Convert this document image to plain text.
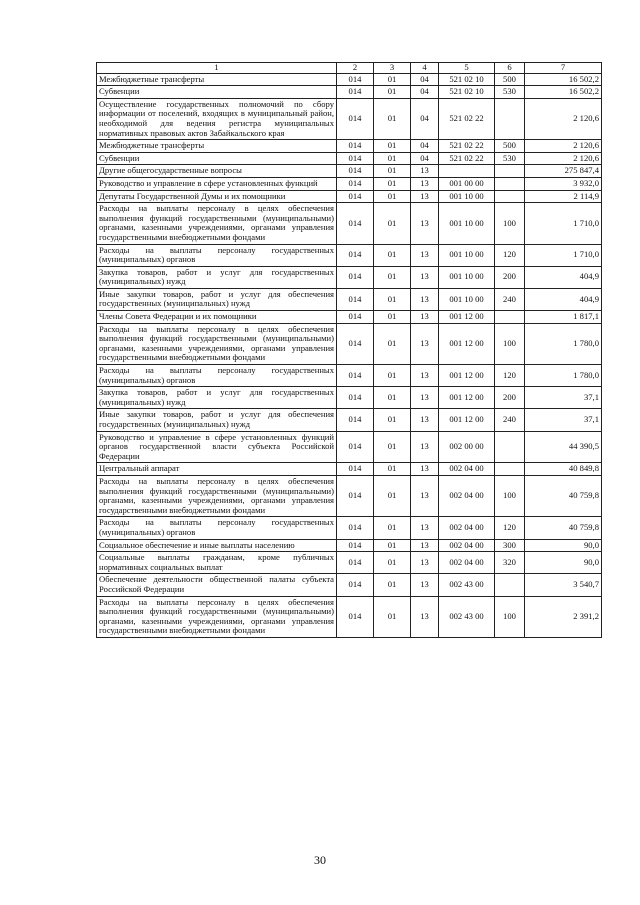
1	2	3	4	5	6	7
Межбюджетные трансферты	014	01	04	521 02 10	500	16 502,2
Субвенции	014	01	04	521 02 10	530	16 502,2
Осуществление государственных полномочий по сбору информации от поселений, входящих в муниципальный район, необходимой для ведения регистра муниципальных нормативных правовых актов Забайкальского края	014	01	04	521 02 22		2 120,6
Межбюджетные трансферты	014	01	04	521 02 22	500	2 120,6
Субвенции	014	01	04	521 02 22	530	2 120,6
Другие общегосударственные вопросы	014	01	13			275 847,4
Руководство и управление в сфере установленных функций	014	01	13	001 00 00		3 932,0
Депутаты Государственной Думы и их помощники	014	01	13	001 10 00		2 114,9
Расходы на выплаты персоналу в целях обеспечения выполнения функций государственными (муниципальными) органами, казенными учреждениями, органами управления государственными внебюджетными фондами	014	01	13	001 10 00	100	1 710,0
Расходы на выплаты персоналу государственных (муниципальных) органов	014	01	13	001 10 00	120	1 710,0
Закупка товаров, работ и услуг для государственных (муниципальных) нужд	014	01	13	001 10 00	200	404,9
Иные закупки товаров, работ и услуг для обеспечения государственных (муниципальных) нужд	014	01	13	001 10 00	240	404,9
Члены Совета Федерации и их помощники	014	01	13	001 12 00		1 817,1
Расходы на выплаты персоналу в целях обеспечения выполнения функций государственными (муниципальными) органами, казенными учреждениями, органами управления государственными внебюджетными фондами	014	01	13	001 12 00	100	1 780,0
Расходы на выплаты персоналу государственных (муниципальных) органов	014	01	13	001 12 00	120	1 780,0
Закупка товаров, работ и услуг для государственных (муниципальных) нужд	014	01	13	001 12 00	200	37,1
Иные закупки товаров, работ и услуг для обеспечения государственных (муниципальных) нужд	014	01	13	001 12 00	240	37,1
Руководство и управление в сфере установленных функций органов государственной власти субъекта Российской Федерации	014	01	13	002 00 00		44 390,5
Центральный аппарат	014	01	13	002 04 00		40 849,8
Расходы на выплаты персоналу в целях обеспечения выполнения функций государственными (муниципальными) органами, казенными учреждениями, органами управления государственными внебюджетными фондами	014	01	13	002 04 00	100	40 759,8
Расходы на выплаты персоналу государственных (муниципальных) органов	014	01	13	002 04 00	120	40 759,8
Социальное обеспечение и иные выплаты населению	014	01	13	002 04 00	300	90,0
Социальные выплаты гражданам, кроме публичных нормативных социальных выплат	014	01	13	002 04 00	320	90,0
Обеспечение деятельности общественной палаты субъекта Российской Федерации	014	01	13	002 43 00		3 540,7
Расходы на выплаты персоналу в целях обеспечения выполнения функций государственными (муниципальными) органами, казенными учреждениями, органами управления государственными внебюджетными фондами	014	01	13	002 43 00	100	2 391,2
30
